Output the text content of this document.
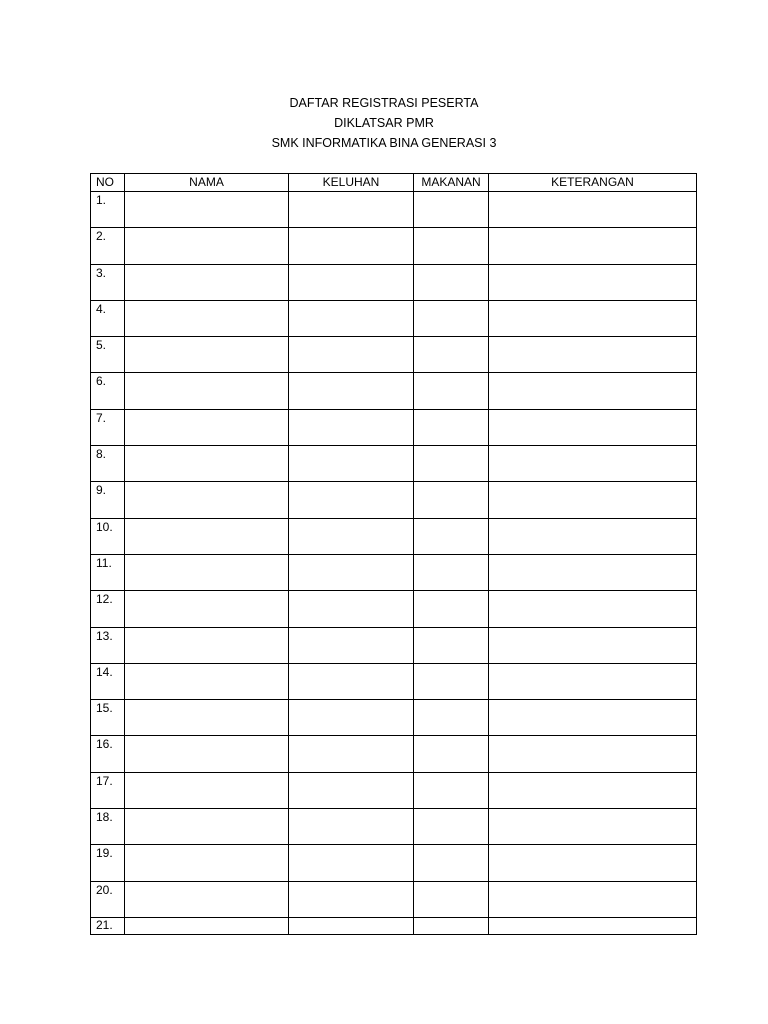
DAFTAR REGISTRASI PESERTA
DIKLATSAR PMR
SMK INFORMATIKA BINA GENERASI 3
NO	NAMA	KELUHAN	MAKANAN	KETERANGAN
1.				
2.				
3.				
4.				
5.				
6.				
7.				
8.				
9.				
10.				
11.				
12.				
13.				
14.				
15.				
16.				
17.				
18.				
19.				
20.				
21.				
